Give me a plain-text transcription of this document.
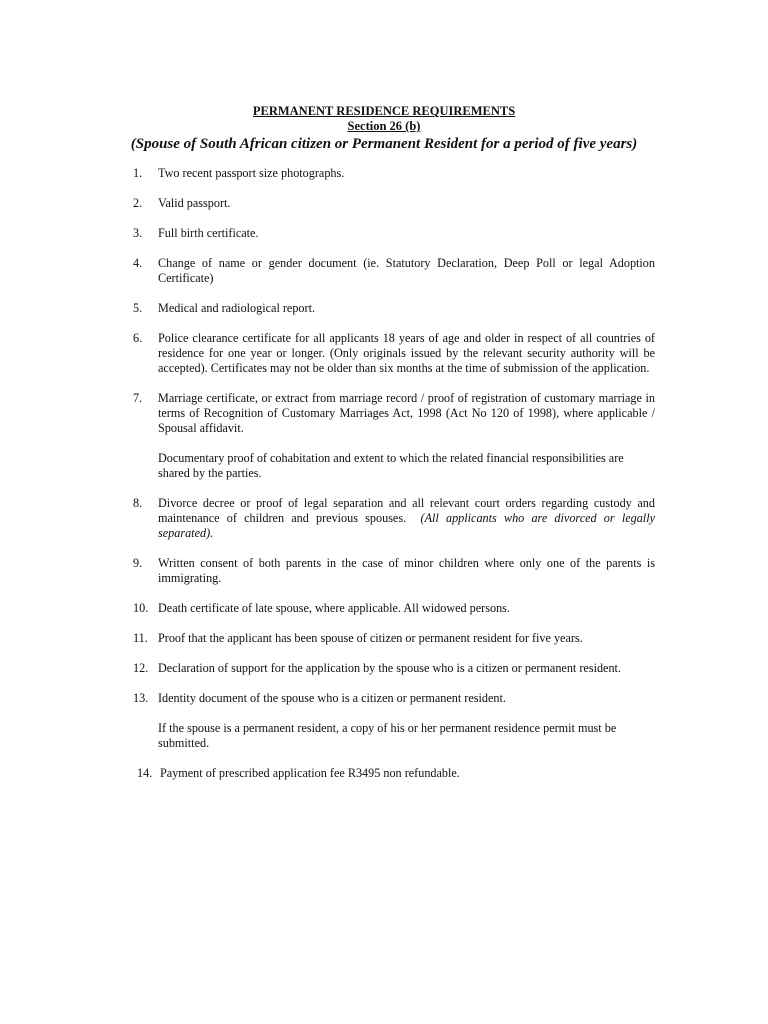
PERMANENT RESIDENCE REQUIREMENTS
Section 26 (b)
(Spouse of South African citizen or Permanent Resident for a period of five years)
1.	Two recent passport size photographs.
2.	Valid passport.
3.	Full birth certificate.
4.	Change of name or gender document (ie. Statutory Declaration, Deep Poll or legal Adoption Certificate)
5.	Medical and radiological report.
6.	Police clearance certificate for all applicants 18 years of age and older in respect of all countries of residence for one year or longer. (Only originals issued by the relevant security authority will be accepted). Certificates may not be older than six months at the time of submission of the application.
7.	Marriage certificate, or extract from marriage record / proof of registration of customary marriage in terms of Recognition of Customary Marriages Act, 1998 (Act No 120 of 1998), where applicable / Spousal affidavit.
Documentary proof of cohabitation and extent to which the related financial responsibilities are shared by the parties.
8.	Divorce decree or proof of legal separation and all relevant court orders regarding custody and maintenance of children and previous spouses. (All applicants who are divorced or legally separated).
9.	Written consent of both parents in the case of minor children where only one of the parents is immigrating.
10. Death certificate of late spouse, where applicable. All widowed persons.
11. Proof that the applicant has been spouse of citizen or permanent resident for five years.
12. Declaration of support for the application by the spouse who is a citizen or permanent resident.
13. Identity document of the spouse who is a citizen or permanent resident.
If the spouse is a permanent resident, a copy of his or her permanent residence permit must be submitted.
14. Payment of prescribed application fee R3495 non refundable.
